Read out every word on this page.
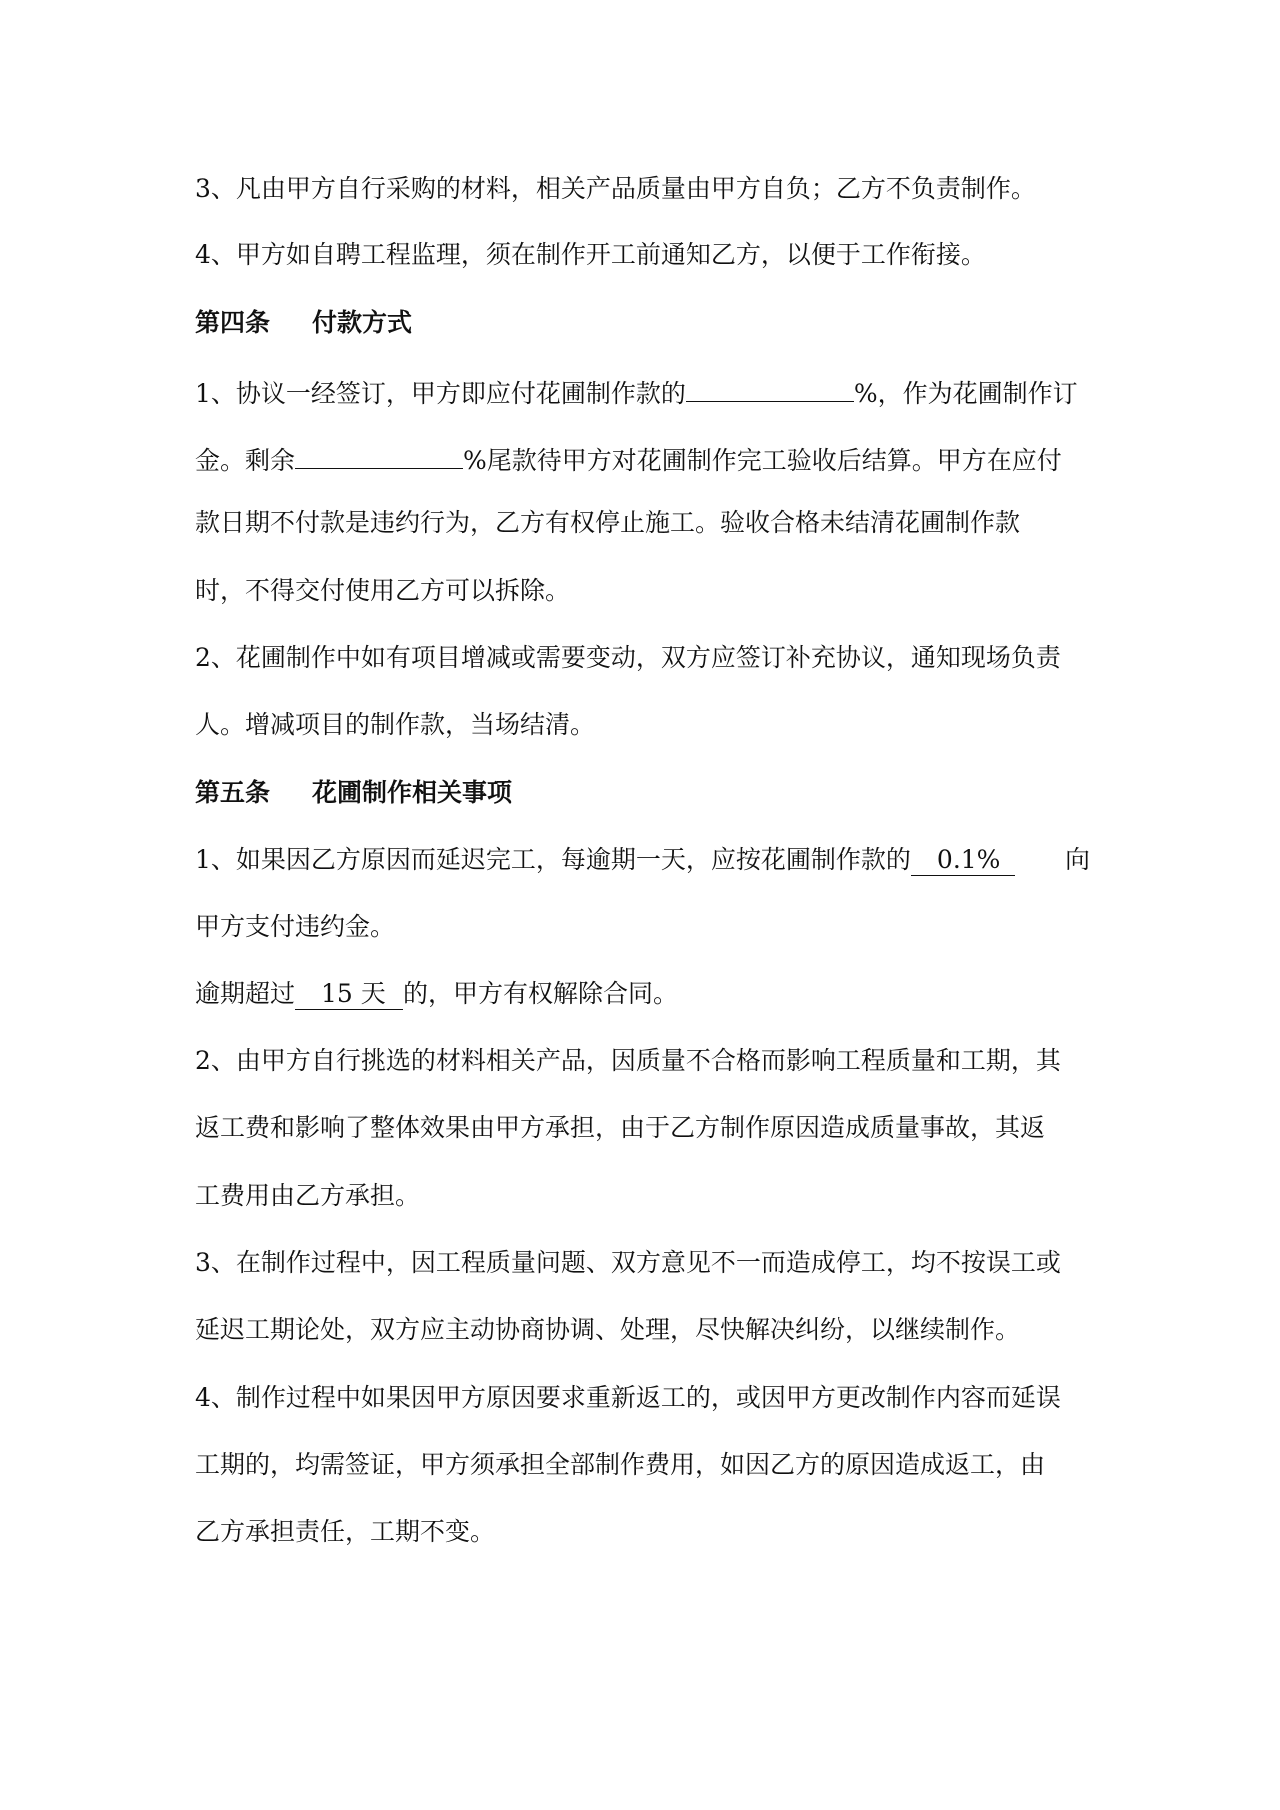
3、凡由甲方自行采购的材料，相关产品质量由甲方自负；乙方不负责制作。
4、甲方如自聘工程监理，须在制作开工前通知乙方，以便于工作衔接。
第四条 付款方式
1、协议一经签订，甲方即应付花圃制作款的	%，作为花圃制作订
金。剩余	%尾款待甲方对花圃制作完工验收后结算。甲方在应付
款日期不付款是违约行为，乙方有权停止施工。验收合格未结清花圃制作款
时，不得交付使用乙方可以拆除。
2、花圃制作中如有项目增减或需要变动，双方应签订补充协议，通知现场负责
人。增减项目的制作款，当场结清。
第五条 花圃制作相关事项
1、如果因乙方原因而延迟完工，每逾期一天，应按花圃制作款的 0.1%	向
甲方支付违约金。
逾期超过 15 天 的，甲方有权解除合同。
2、由甲方自行挑选的材料相关产品，因质量不合格而影响工程质量和工期，其
返工费和影响了整体效果由甲方承担，由于乙方制作原因造成质量事故，其返
工费用由乙方承担。
3、在制作过程中，因工程质量问题、双方意见不一而造成停工，均不按误工或
延迟工期论处，双方应主动协商协调、处理，尽快解决纠纷，以继续制作。
4、制作过程中如果因甲方原因要求重新返工的，或因甲方更改制作内容而延误
工期的，均需签证，甲方须承担全部制作费用，如因乙方的原因造成返工，由
乙方承担责任，工期不变。
